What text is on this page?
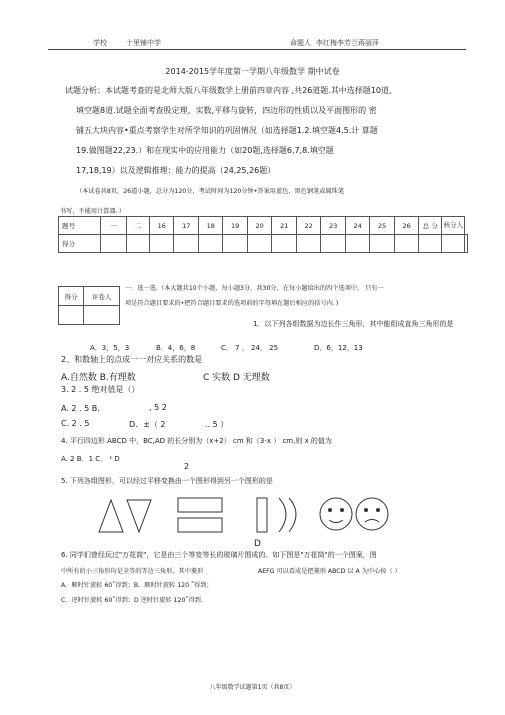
学校	十里铺中学	命题人 李红梅李芳兰蒋丽萍
2014-2015学年度第一学期八年级数学 期中试卷
试题分析：本试题考查的是北师大版八年级数学上册前四章内容 ,共26道题.其中选择题10道,
填空题8道.试题全面考查股定理，实数,平移与旋转，四边形的性质以及平面图形的 密
铺五大块内容•重点考察学生对所学知识的巩固情况（如选择题1.2.填空题4.5.计 算题
19.做图题22,23.）和在现实中的应用能力（如20题,选择题6,7,8.填空题
17,18,19）以及逻辑推理：能力的提高（24,25,26题）
（本试卷共8页，26道小题，总分为120分，考试时间为120分钟•答案用蓝色，黑色钢笔或圆珠笔
书写，不能用计算器．）
题号	一	二	16	17	18	19	20	21	22	23	24	25	26	总 分	核分人	
得分																
得分	评卷人

一．选一选.（本大题共10个小题，每小题3分，共30分，在每小题给出的四个选项中， 只有一
项是符合题目要求的•把符合题目要求的选项前的字母填在题后相应的括号内．)
1．以下列各组数据为边长作三角形，其中能组成直角三角形的是
A．3，5，3	B．4，6，8	C． 7 ， 24， 25	D．6，12，13
2、和数轴上的点成一一对应关系的数是
A.自然数 B.有理数	C 实数 D 无理数
3. 2 . 5 绝对值是（）
A. 2 . 5 B．	, 5 2
C. 2 . 5	D．±（ 2	.. 5 ）
4. 平行四边形 ABCD 中，BC,AD 的长分别为（x+2） cm 和（3-x ） cm,则 x 的值为
A. 2 B．1 C． ¹ D
2
5. 下列各组图形，可以经过平移变换由一个图形得到另一个图形的是
D
6. 同学们曾经玩过"万花筒"，它是由三个等宽等长的玻璃片围成的。如下图是"万花筒"的一个图案，图
中所有的小三角形均是全等的等边三角形，其中菱形	AEFG 可以看成是把菱形 ABCD 以 A 为中心按（ ）
A．顺时针旋转 60˚得到；B．顺时针旋转 120 ˚得到；
C．逆时针旋转 60˚得到；D 逆时针旋转 120˚得到.
八年级数学试题第1页（共8页）
